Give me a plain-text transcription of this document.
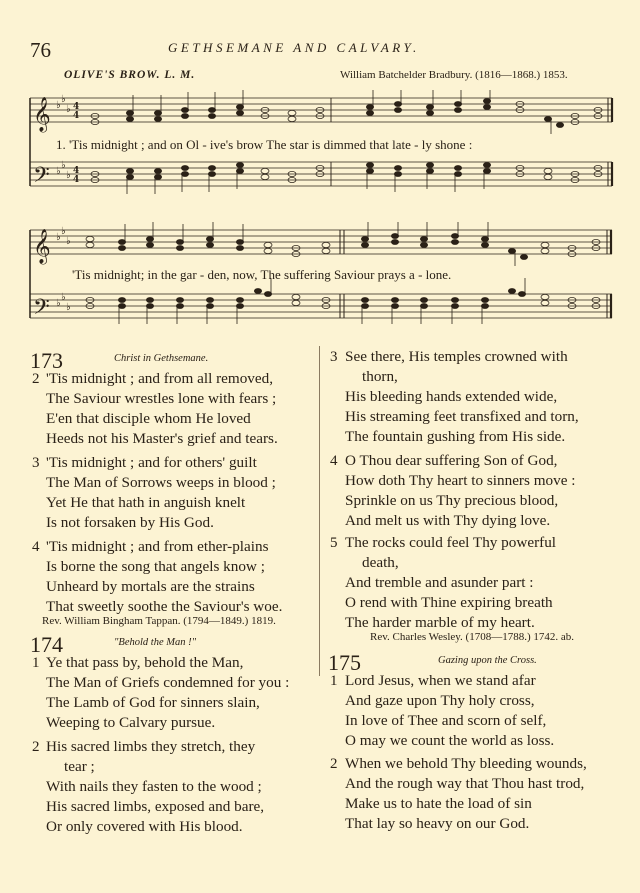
76	GETHSEMANE AND CALVARY.
OLIVE'S BROW. L. M.	William Batchelder Bradbury. (1816—1868.) 1853.
𝄞
𝄢
♭
♭
♭
♭
♭
♭
4
4
4
4
1. 'Tis midnight ; and on Ol - ive's brow The star is dimmed that late - ly shone :
𝄞
𝄢
♭
♭
♭
♭
♭
♭
'Tis midnight; in the gar - den, now, The suffering Saviour prays a - lone.
173	Christ in Gethsemane.
2 'Tis midnight ; and from all removed,
The Saviour wrestles lone with fears ;
E'en that disciple whom He loved
Heeds not his Master's grief and tears.
3 'Tis midnight ; and for others' guilt
The Man of Sorrows weeps in blood ;
Yet He that hath in anguish knelt
Is not forsaken by His God.
4 'Tis midnight ; and from ether-plains
Is borne the song that angels know ;
Unheard by mortals are the strains
That sweetly soothe the Saviour's woe.
Rev. William Bingham Tappan. (1794—1849.) 1819.
174	"Behold the Man !"
1 Ye that pass by, behold the Man,
The Man of Griefs condemned for you :
The Lamb of God for sinners slain,
Weeping to Calvary pursue.
2 His sacred limbs they stretch, they
tear ;
With nails they fasten to the wood ;
His sacred limbs, exposed and bare,
Or only covered with His blood.
3 See there, His temples crowned with
thorn,
His bleeding hands extended wide,
His streaming feet transfixed and torn,
The fountain gushing from His side.
4 O Thou dear suffering Son of God,
How doth Thy heart to sinners move :
Sprinkle on us Thy precious blood,
And melt us with Thy dying love.
5 The rocks could feel Thy powerful
death,
And tremble and asunder part :
O rend with Thine expiring breath
The harder marble of my heart.
Rev. Charles Wesley. (1708—1788.) 1742. ab.
175	Gazing upon the Cross.
1 Lord Jesus, when we stand afar
And gaze upon Thy holy cross,
In love of Thee and scorn of self,
O may we count the world as loss.
2 When we behold Thy bleeding wounds,
And the rough way that Thou hast trod,
Make us to hate the load of sin
That lay so heavy on our God.
